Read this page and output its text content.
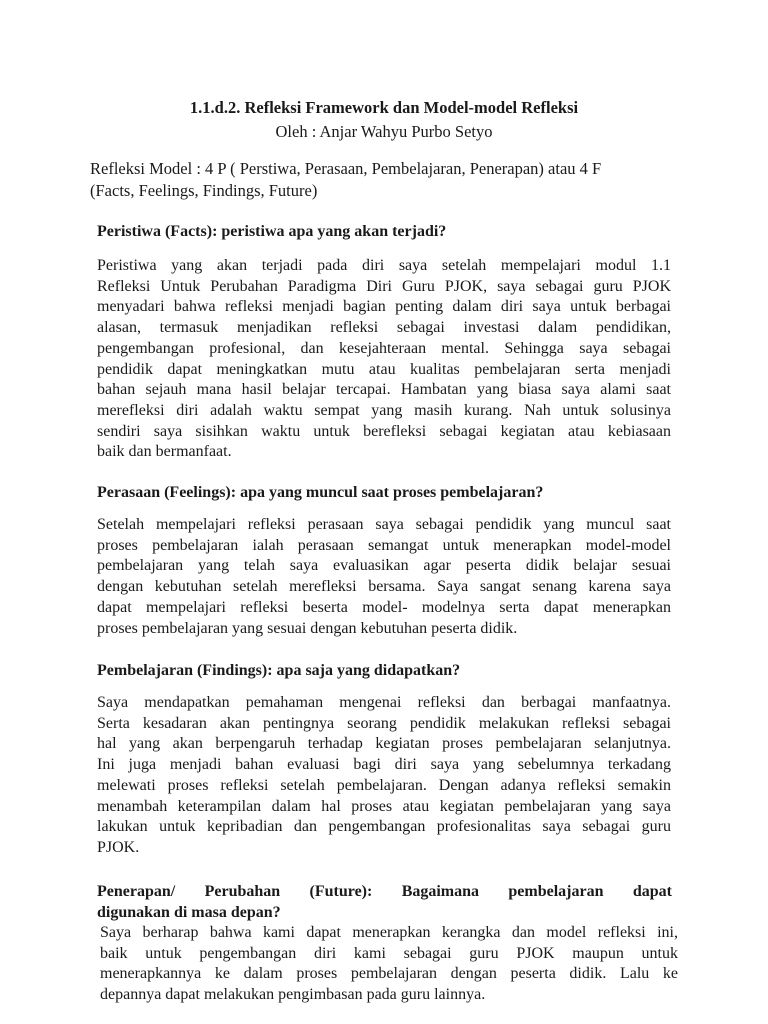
1.1.d.2. Refleksi Framework dan Model-model Refleksi
Oleh : Anjar Wahyu Purbo Setyo
Refleksi Model : 4 P ( Perstiwa, Perasaan, Pembelajaran, Penerapan) atau 4 F
(Facts, Feelings, Findings, Future)
Peristiwa (Facts): peristiwa apa yang akan terjadi?
Peristiwa yang akan terjadi pada diri saya setelah mempelajari modul 1.1
Refleksi Untuk Perubahan Paradigma Diri Guru PJOK, saya sebagai guru PJOK
menyadari bahwa refleksi menjadi bagian penting dalam diri saya untuk berbagai
alasan, termasuk menjadikan refleksi sebagai investasi dalam pendidikan,
pengembangan profesional, dan kesejahteraan mental. Sehingga saya sebagai
pendidik dapat meningkatkan mutu atau kualitas pembelajaran serta menjadi
bahan sejauh mana hasil belajar tercapai. Hambatan yang biasa saya alami saat
merefleksi diri adalah waktu sempat yang masih kurang. Nah untuk solusinya
sendiri saya sisihkan waktu untuk berefleksi sebagai kegiatan atau kebiasaan
baik dan bermanfaat.
Perasaan (Feelings): apa yang muncul saat proses pembelajaran?
Setelah mempelajari refleksi perasaan saya sebagai pendidik yang muncul saat
proses pembelajaran ialah perasaan semangat untuk menerapkan model-model
pembelajaran yang telah saya evaluasikan agar peserta didik belajar sesuai
dengan kebutuhan setelah merefleksi bersama. Saya sangat senang karena saya
dapat mempelajari refleksi beserta model- modelnya serta dapat menerapkan
proses pembelajaran yang sesuai dengan kebutuhan peserta didik.
Pembelajaran (Findings): apa saja yang didapatkan?
Saya mendapatkan pemahaman mengenai refleksi dan berbagai manfaatnya.
Serta kesadaran akan pentingnya seorang pendidik melakukan refleksi sebagai
hal yang akan berpengaruh terhadap kegiatan proses pembelajaran selanjutnya.
Ini juga menjadi bahan evaluasi bagi diri saya yang sebelumnya terkadang
melewati proses refleksi setelah pembelajaran. Dengan adanya refleksi semakin
menambah keterampilan dalam hal proses atau kegiatan pembelajaran yang saya
lakukan untuk kepribadian dan pengembangan profesionalitas saya sebagai guru
PJOK.
Penerapan/ Perubahan (Future): Bagaimana pembelajaran dapat
digunakan di masa depan?
Saya berharap bahwa kami dapat menerapkan kerangka dan model refleksi ini,
baik untuk pengembangan diri kami sebagai guru PJOK maupun untuk
menerapkannya ke dalam proses pembelajaran dengan peserta didik. Lalu ke
depannya dapat melakukan pengimbasan pada guru lainnya.
